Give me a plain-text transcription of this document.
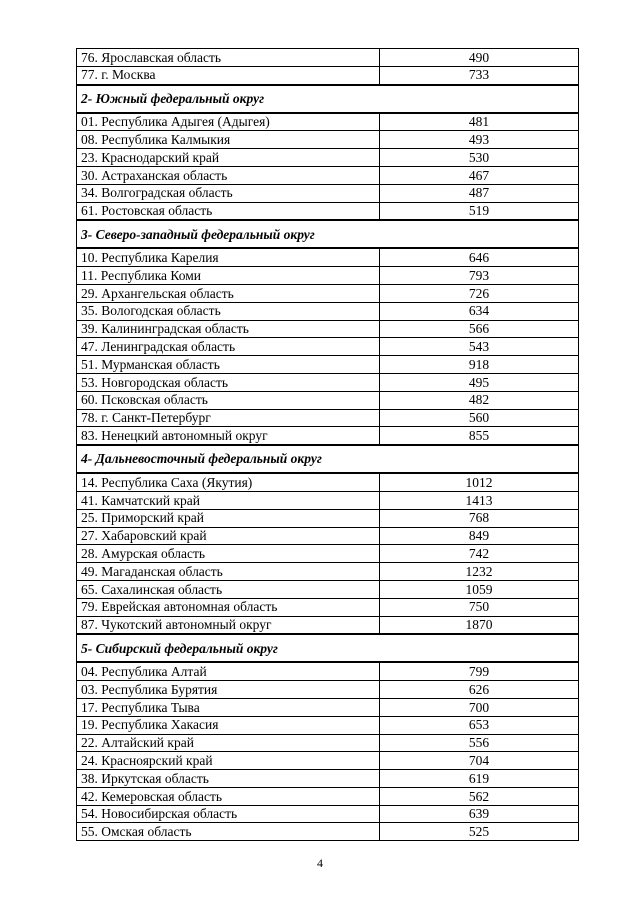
76. Ярославская область	490
77. г. Москва	733
2- Южный федеральный округ	
01. Республика Адыгея (Адыгея)	481
08. Республика Калмыкия	493
23. Краснодарский край	530
30. Астраханская область	467
34. Волгоградская область	487
61. Ростовская область	519
3- Северо-западный федеральный округ	
10. Республика Карелия	646
11. Республика Коми	793
29. Архангельская область	726
35. Вологодская область	634
39. Калининградская область	566
47. Ленинградская область	543
51. Мурманская область	918
53. Новгородская область	495
60. Псковская область	482
78. г. Санкт-Петербург	560
83. Ненецкий автономный округ	855
4- Дальневосточный федеральный округ	
14. Республика Саха (Якутия)	1012
41. Камчатский край	1413
25. Приморский край	768
27. Хабаровский край	849
28. Амурская область	742
49. Магаданская область	1232
65. Сахалинская область	1059
79. Еврейская автономная область	750
87. Чукотский автономный округ	1870
5- Сибирский федеральный округ	
04. Республика Алтай	799
03. Республика Бурятия	626
17. Республика Тыва	700
19. Республика Хакасия	653
22. Алтайский край	556
24. Красноярский край	704
38. Иркутская область	619
42. Кемеровская область	562
54. Новосибирская область	639
55. Омская область	525
4
